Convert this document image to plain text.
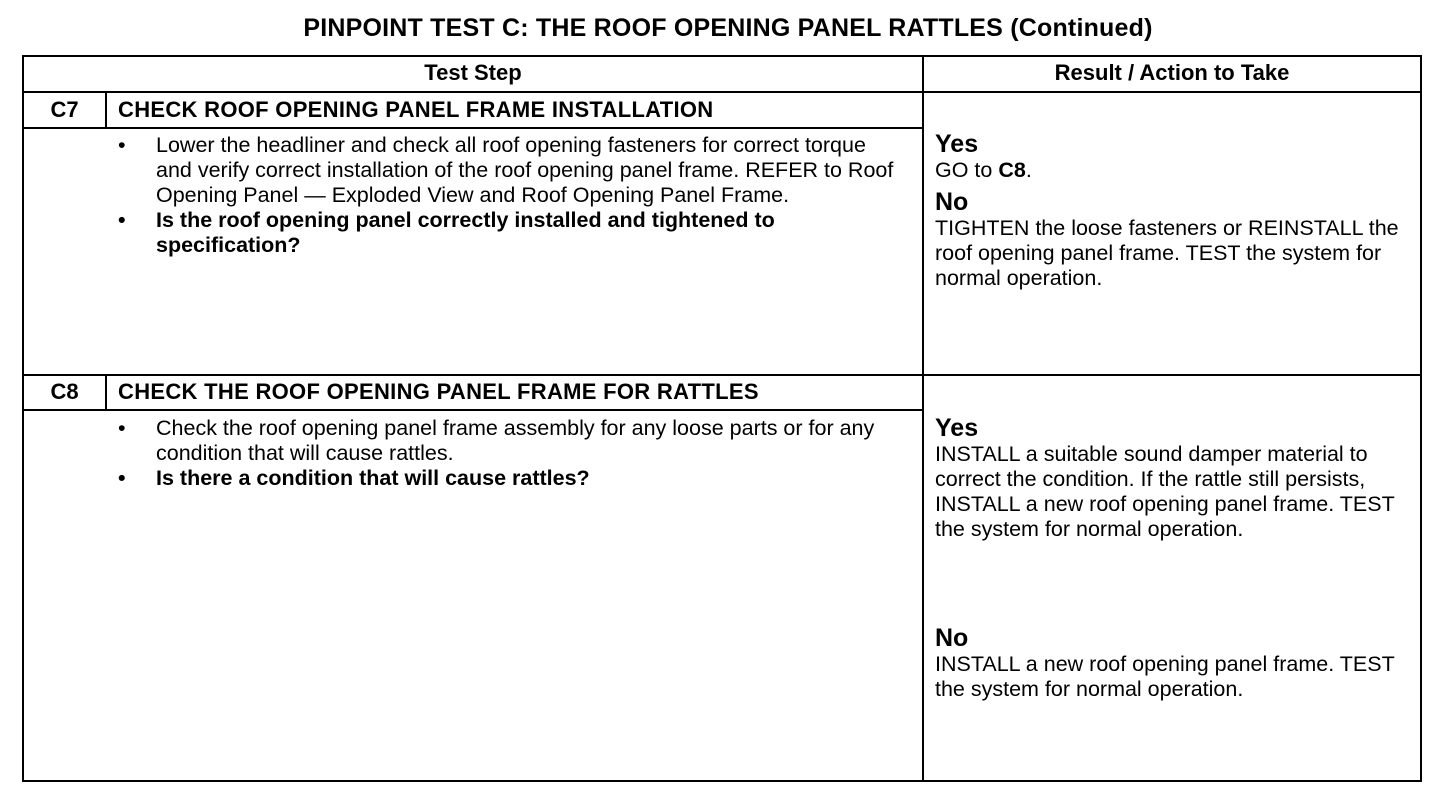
PINPOINT TEST C: THE ROOF OPENING PANEL RATTLES (Continued)
Test Step	Result / Action to Take
C7	CHECK ROOF OPENING PANEL FRAME INSTALLATION
• Lower the headliner and check all roof opening fasteners for correct torque and verify correct installation of the roof opening panel frame. REFER to Roof Opening Panel — Exploded View and Roof Opening Panel Frame.
• Is the roof opening panel correctly installed and tightened to specification?
Yes

GO to C8.

No

TIGHTEN the loose fasteners or REINSTALL the roof opening panel frame. TEST the system for normal operation.

C8	CHECK THE ROOF OPENING PANEL FRAME FOR RATTLES
• Check the roof opening panel frame assembly for any loose parts or for any condition that will cause rattles.
• Is there a condition that will cause rattles?
Yes

INSTALL a suitable sound damper material to correct the condition. If the rattle still persists, INSTALL a new roof opening panel frame. TEST the system for normal operation.

No

INSTALL a new roof opening panel frame. TEST the system for normal operation.
